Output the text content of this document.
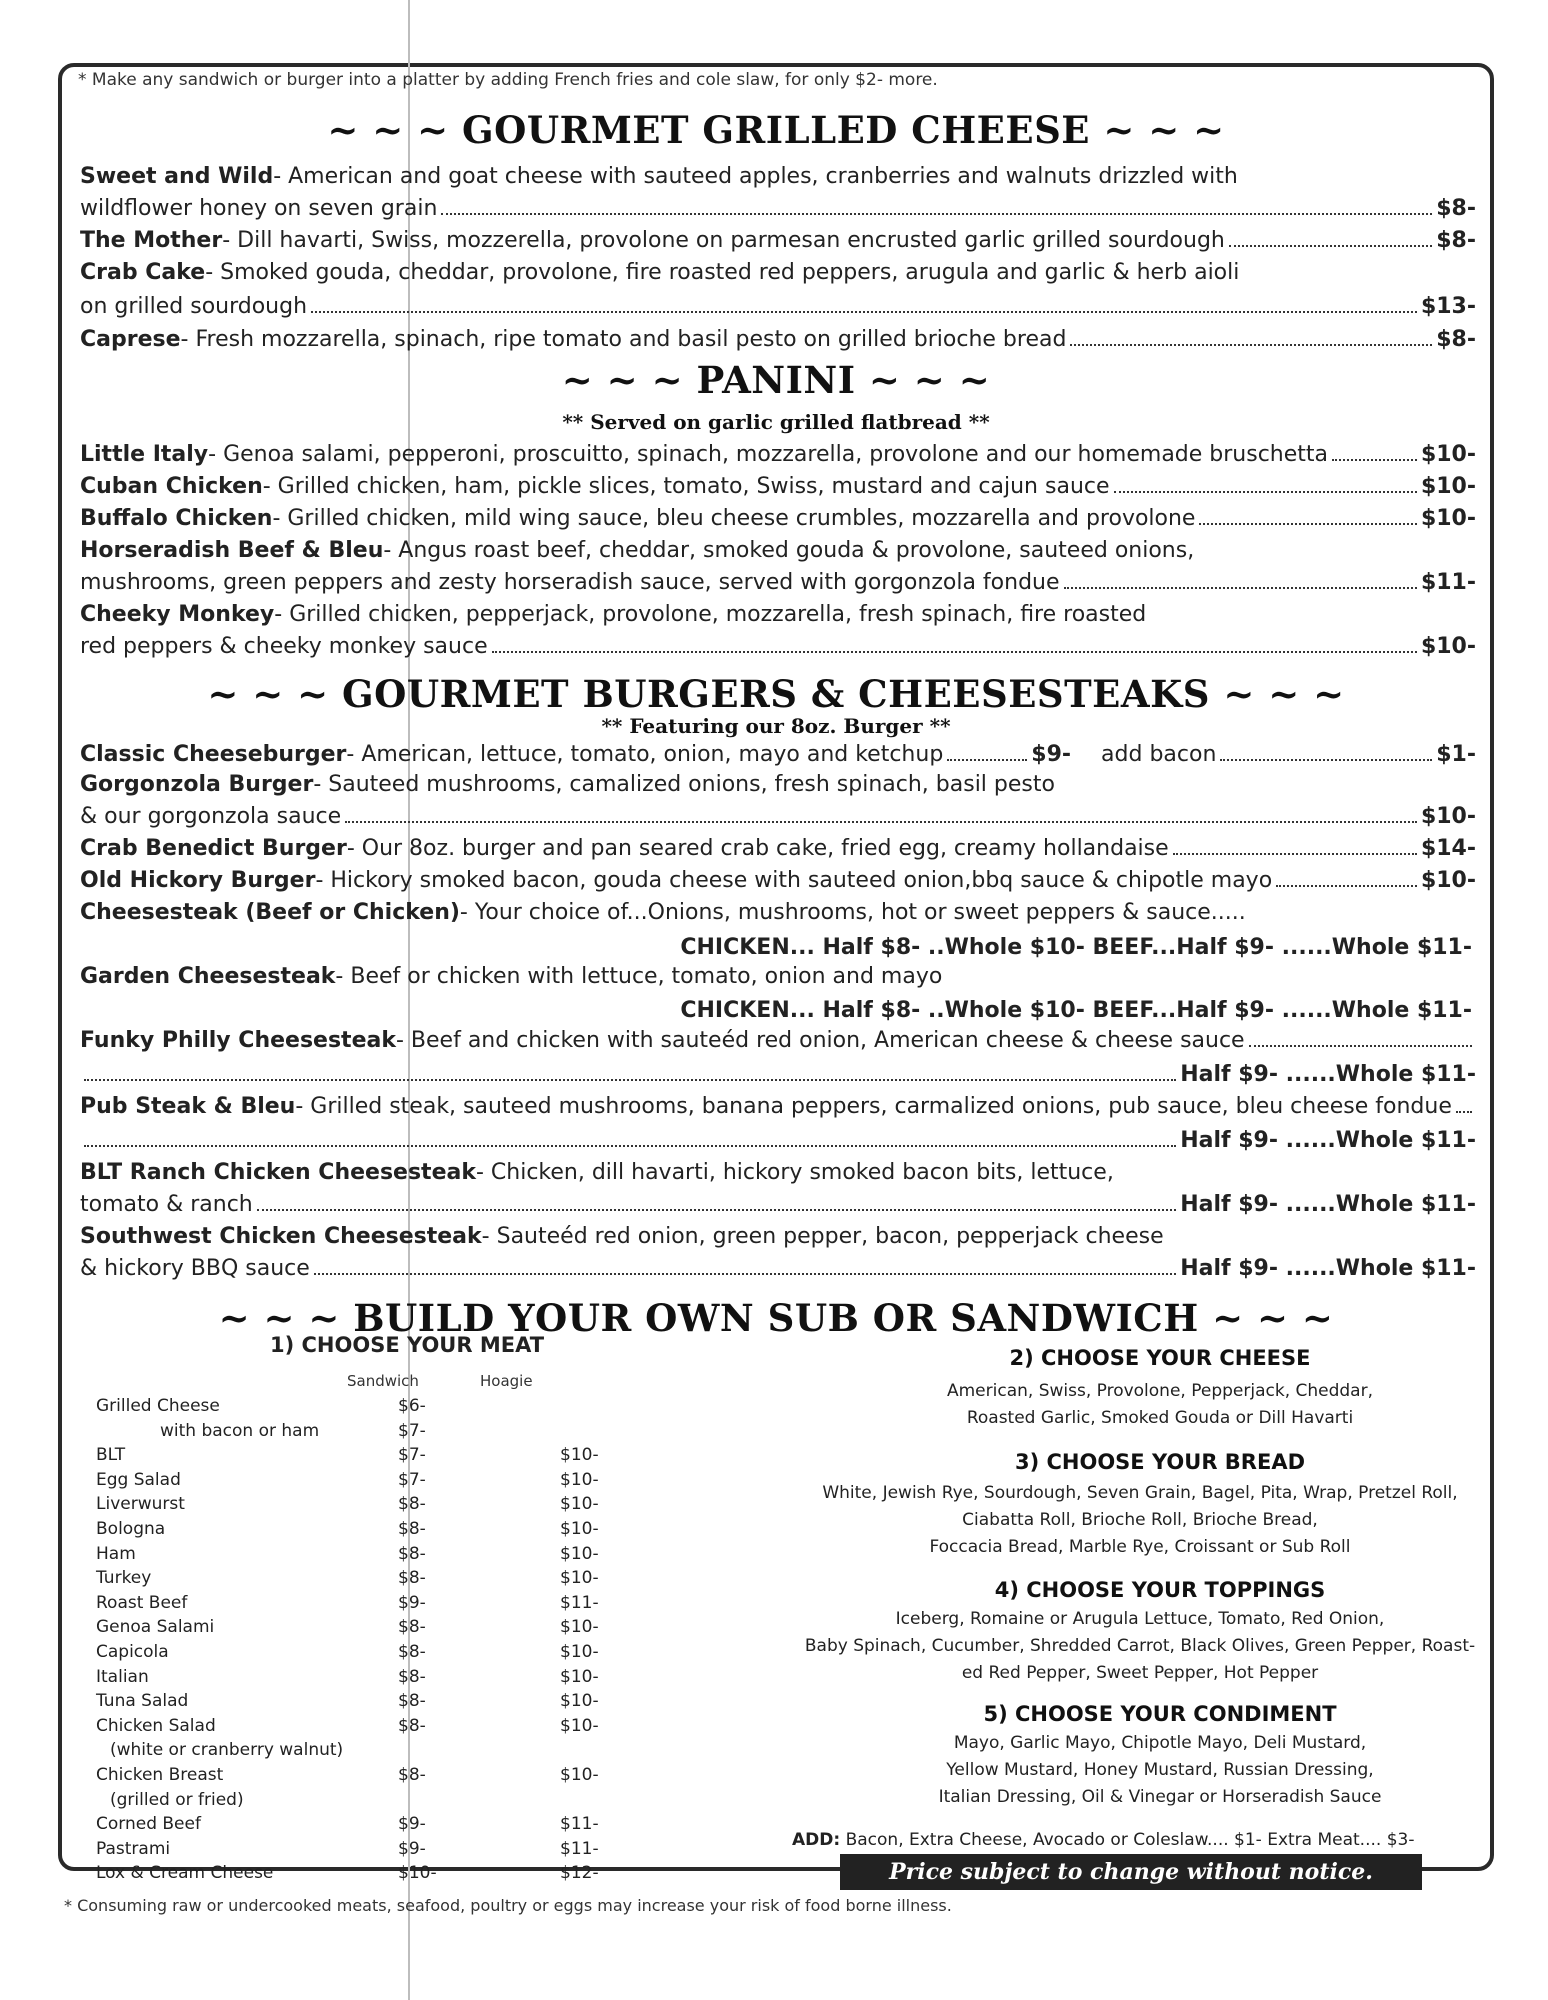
* Make any sandwich or burger into a platter by adding French fries and cole slaw, for only $2- more.
~ ~ ~ GOURMET GRILLED CHEESE ~ ~ ~
Sweet and Wild - American and goat cheese with sauteed apples, cranberries and walnuts drizzled with
wildflower honey on seven grain	$8-
The Mother - Dill havarti, Swiss, mozzerella, provolone on parmesan encrusted garlic grilled sourdough	$8-
Crab Cake - Smoked gouda, cheddar, provolone, fire roasted red peppers, arugula and garlic & herb aioli
on grilled sourdough	$13-
Caprese - Fresh mozzarella, spinach, ripe tomato and basil pesto on grilled brioche bread	$8-
~ ~ ~ PANINI ~ ~ ~
** Served on garlic grilled flatbread **
Little Italy - Genoa salami, pepperoni, proscuitto, spinach, mozzarella, provolone and our homemade bruschetta	$10-
Cuban Chicken - Grilled chicken, ham, pickle slices, tomato, Swiss, mustard and cajun sauce	$10-
Buffalo Chicken - Grilled chicken, mild wing sauce, bleu cheese crumbles, mozzarella and provolone	$10-
Horseradish Beef & Bleu - Angus roast beef, cheddar, smoked gouda & provolone, sauteed onions,
mushrooms, green peppers and zesty horseradish sauce, served with gorgonzola fondue	$11-
Cheeky Monkey - Grilled chicken, pepperjack, provolone, mozzarella, fresh spinach, fire roasted
red peppers & cheeky monkey sauce	$10-
~ ~ ~ GOURMET BURGERS & CHEESESTEAKS ~ ~ ~
** Featuring our 8oz. Burger **
Classic Cheeseburger - American, lettuce, tomato, onion, mayo and ketchup	$9- add bacon	$1-
Gorgonzola Burger - Sauteed mushrooms, camalized onions, fresh spinach, basil pesto
& our gorgonzola sauce	$10-
Crab Benedict Burger - Our 8oz. burger and pan seared crab cake, fried egg, creamy hollandaise	$14-
Old Hickory Burger - Hickory smoked bacon, gouda cheese with sauteed onion,bbq sauce & chipotle mayo	$10-
Cheesesteak (Beef or Chicken) - Your choice of...Onions, mushrooms, hot or sweet peppers & sauce.....
CHICKEN... Half $8- ..Whole $10- BEEF...Half $9- ......Whole $11-
Garden Cheesesteak - Beef or chicken with lettuce, tomato, onion and mayo
CHICKEN... Half $8- ..Whole $10- BEEF...Half $9- ......Whole $11-
Funky Philly Cheesesteak - Beef and chicken with sauteéd red onion, American cheese & cheese sauce
Half $9- ......Whole $11-
Pub Steak & Bleu - Grilled steak, sauteed mushrooms, banana peppers, carmalized onions, pub sauce, bleu cheese fondue
Half $9- ......Whole $11-
BLT Ranch Chicken Cheesesteak - Chicken, dill havarti, hickory smoked bacon bits, lettuce,
tomato & ranch	Half $9- ......Whole $11-
Southwest Chicken Cheesesteak - Sauteéd red onion, green pepper, bacon, pepperjack cheese
& hickory BBQ sauce	Half $9- ......Whole $11-
~ ~ ~ BUILD YOUR OWN SUB OR SANDWICH ~ ~ ~
1) CHOOSE YOUR MEAT
Sandwich	Hoagie
Grilled Cheese	$6-
with bacon or ham	$7-
BLT	$7-	$10-
Egg Salad	$7-	$10-
Liverwurst	$8-	$10-
Bologna	$8-	$10-
Ham	$8-	$10-
Turkey	$8-	$10-
Roast Beef	$9-	$11-
Genoa Salami	$8-	$10-
Capicola	$8-	$10-
Italian	$8-	$10-
Tuna Salad	$8-	$10-
Chicken Salad	$8-	$10-
(white or cranberry walnut)
Chicken Breast	$8-	$10-
(grilled or fried)
Corned Beef	$9-	$11-
Pastrami	$9-	$11-
Lox & Cream Cheese	$10-	$12-
2) CHOOSE YOUR CHEESE
American, Swiss, Provolone, Pepperjack, Cheddar,
Roasted Garlic, Smoked Gouda or Dill Havarti
3) CHOOSE YOUR BREAD
White, Jewish Rye, Sourdough, Seven Grain, Bagel, Pita, Wrap, Pretzel Roll,
Ciabatta Roll, Brioche Roll, Brioche Bread,
Foccacia Bread, Marble Rye, Croissant or Sub Roll
4) CHOOSE YOUR TOPPINGS
Iceberg, Romaine or Arugula Lettuce, Tomato, Red Onion,
Baby Spinach, Cucumber, Shredded Carrot, Black Olives, Green Pepper, Roast-
ed Red Pepper, Sweet Pepper, Hot Pepper
5) CHOOSE YOUR CONDIMENT
Mayo, Garlic Mayo, Chipotle Mayo, Deli Mustard,
Yellow Mustard, Honey Mustard, Russian Dressing,
Italian Dressing, Oil & Vinegar or Horseradish Sauce
ADD: Bacon, Extra Cheese, Avocado or Coleslaw.... $1- Extra Meat.... $3-
Price subject to change without notice.
* Consuming raw or undercooked meats, seafood, poultry or eggs may increase your risk of food borne illness.
